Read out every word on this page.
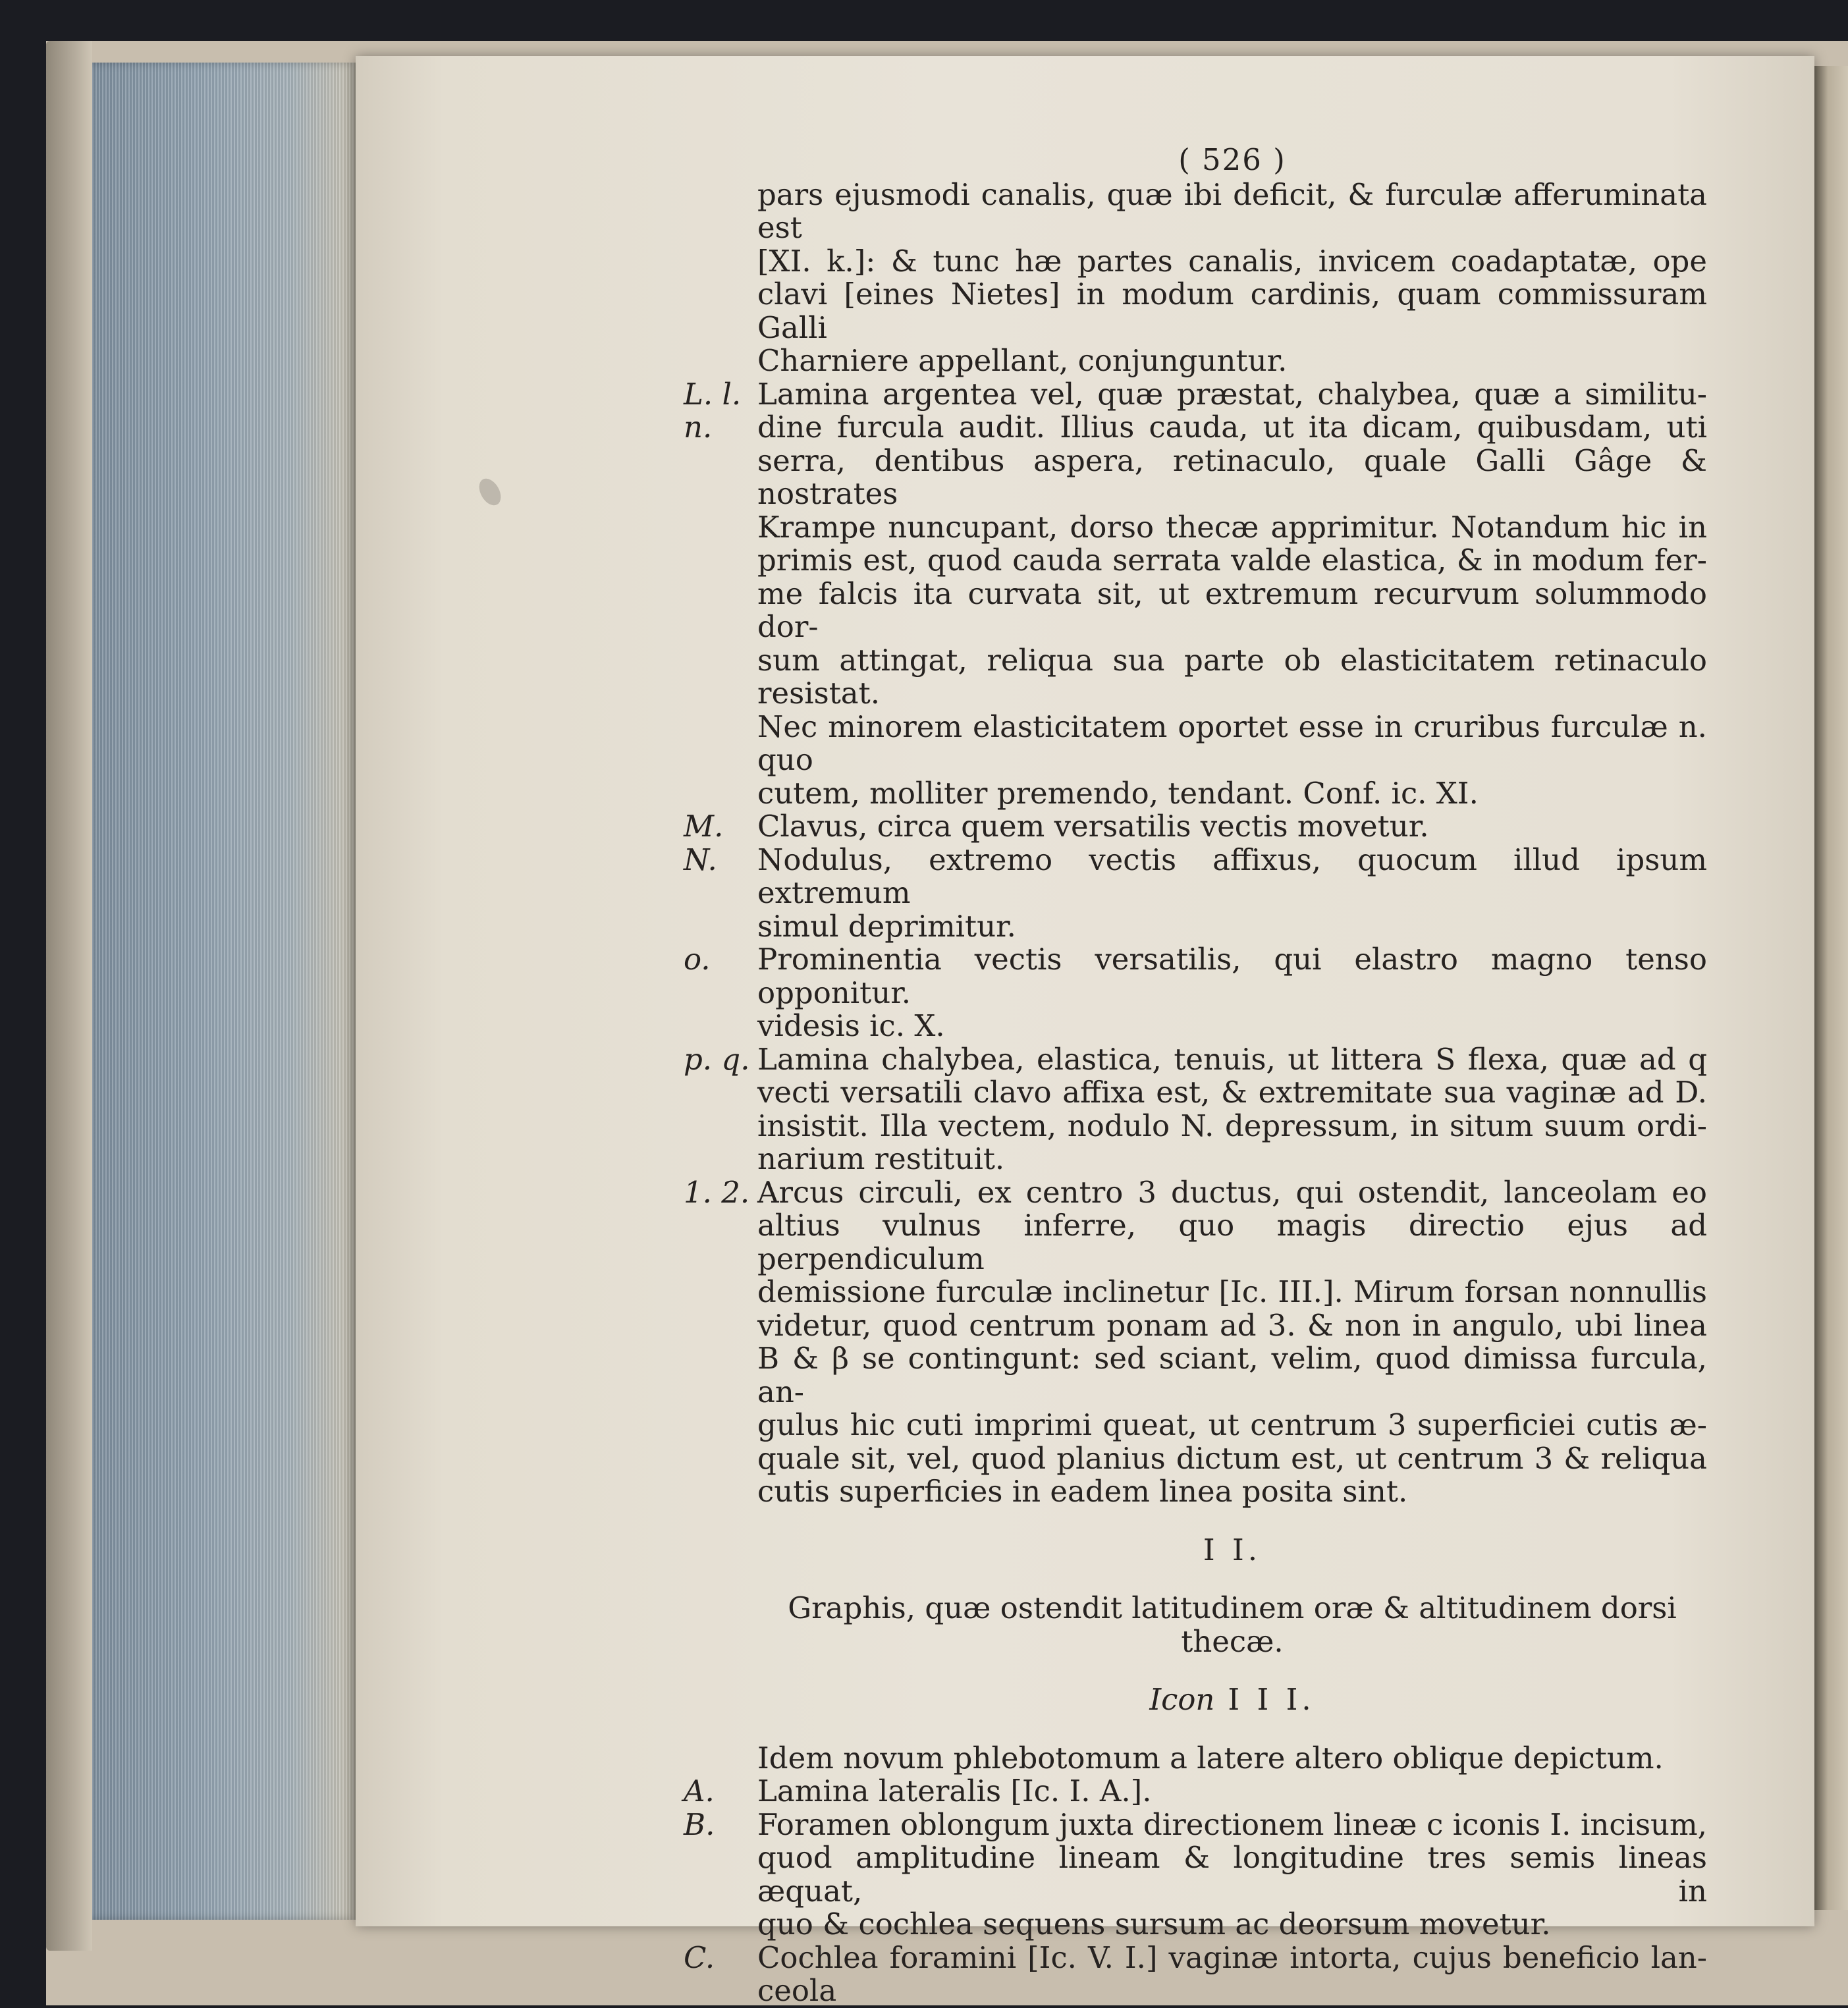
( 526 )
pars ejusmodi canalis, quæ ibi deficit, & furculæ afferuminata est
[XI. k.]: & tunc hæ partes canalis, invicem coadaptatæ, ope
clavi [eines Nietes] in modum cardinis, quam commissuram Galli
Charniere appellant, conjunguntur.
L. l. n.
Lamina argentea vel, quæ præstat, chalybea, quæ a similitu-
dine furcula audit. Illius cauda, ut ita dicam, quibusdam, uti
serra, dentibus aspera, retinaculo, quale Galli Gâge & nostrates
Krampe nuncupant, dorso thecæ apprimitur. Notandum hic in
primis est, quod cauda serrata valde elastica, & in modum fer-
me falcis ita curvata sit, ut extremum recurvum solummodo dor-
sum attingat, reliqua sua parte ob elasticitatem retinaculo resistat.
Nec minorem elasticitatem oportet esse in cruribus furculæ n. quo
cutem, molliter premendo, tendant. Conf. ic. XI.
M.	Clavus, circa quem versatilis vectis movetur.
N.	Nodulus, extremo vectis affixus, quocum illud ipsum extremum
simul deprimitur.
o.	Prominentia vectis versatilis, qui elastro magno tenso opponitur.
videsis ic. X.
p. q. Lamina chalybea, elastica, tenuis, ut littera S flexa, quæ ad q
vecti versatili clavo affixa est, & extremitate sua vaginæ ad D.
insistit. Illa vectem, nodulo N. depressum, in situm suum ordi-
narium restituit.
1. 2. Arcus circuli, ex centro 3 ductus, qui ostendit, lanceolam eo
altius vulnus inferre, quo magis directio ejus ad perpendiculum
demissione furculæ inclinetur [Ic. III.]. Mirum forsan nonnullis
videtur, quod centrum ponam ad 3. & non in angulo, ubi linea
B & β se contingunt: sed sciant, velim, quod dimissa furcula, an-
gulus hic cuti imprimi queat, ut centrum 3 superficiei cutis æ-
quale sit, vel, quod planius dictum est, ut centrum 3 & reliqua
cutis superficies in eadem linea posita sint.
I I.
Graphis, quæ ostendit latitudinem oræ & altitudinem dorsi thecæ.
Icon I I I.
Idem novum phlebotomum a latere altero oblique depictum.
A.	Lamina lateralis [Ic. I. A.].
B.	Foramen oblongum juxta directionem lineæ c iconis I. incisum,
quod amplitudine lineam & longitudine tres semis lineas æquat, in
quo & cochlea sequens sursum ac deorsum movetur.
C.	Cochlea foramini [Ic. V. I.] vaginæ intorta, cujus beneficio lan-
ceola
